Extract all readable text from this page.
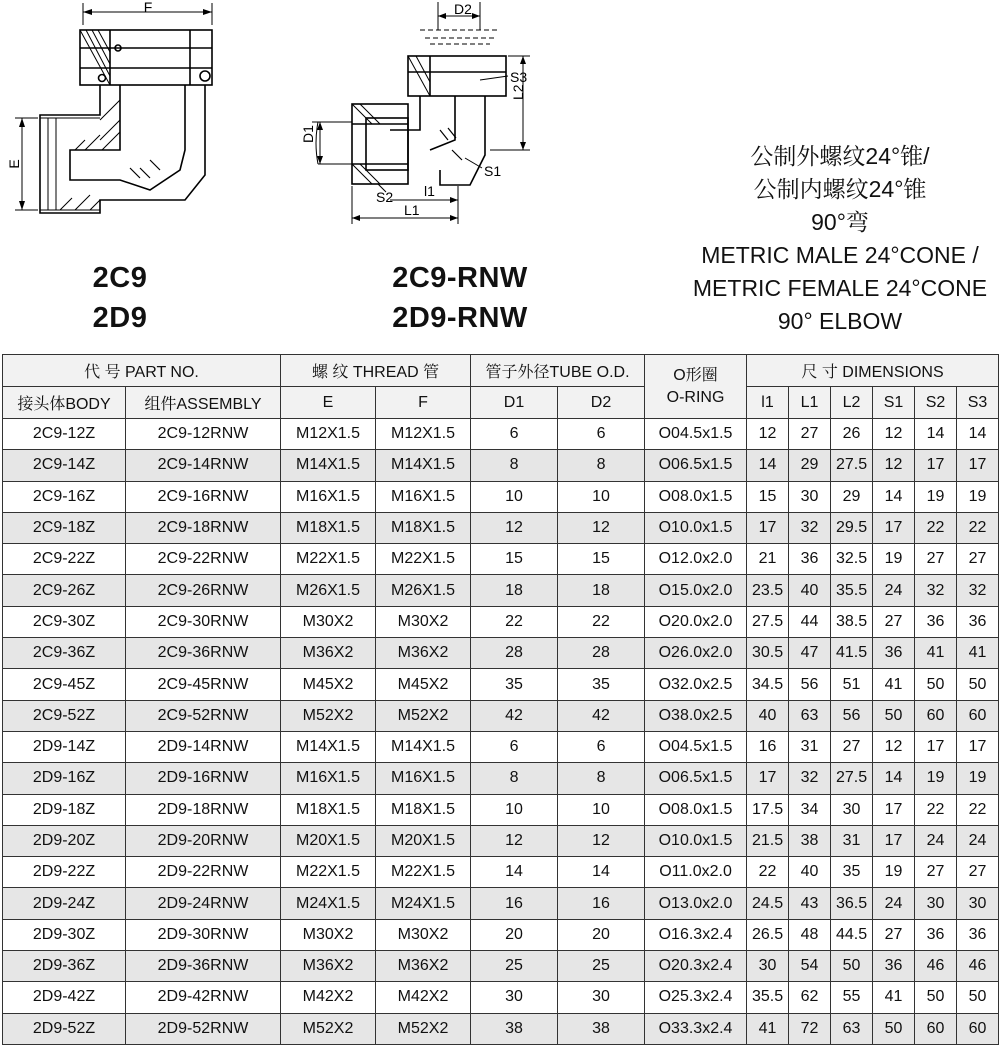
F
E
D2
S3
L2
D1
S1
S2 l1
L1
2C9
2D9
2C9-RNW
2D9-RNW
公制外螺纹24°锥/
公制内螺纹24°锥
90°弯
METRIC MALE 24°CONE /
METRIC FEMALE 24°CONE
90° ELBOW
代 号 PART NO.		螺 纹 THREAD 管		管子外径TUBE O.D.		O形圈
O-RING	尺 寸 DIMENSIONS					
接头体BODY	组件ASSEMBLY	E	F	D1	D2		l1	L1	L2	S1	S2	S3
2C9-12Z	2C9-12RNW	M12X1.5	M12X1.5	6	6	O04.5x1.5	12	27	26	12	14	14
2C9-14Z	2C9-14RNW	M14X1.5	M14X1.5	8	8	O06.5x1.5	14	29	27.5	12	17	17
2C9-16Z	2C9-16RNW	M16X1.5	M16X1.5	10	10	O08.0x1.5	15	30	29	14	19	19
2C9-18Z	2C9-18RNW	M18X1.5	M18X1.5	12	12	O10.0x1.5	17	32	29.5	17	22	22
2C9-22Z	2C9-22RNW	M22X1.5	M22X1.5	15	15	O12.0x2.0	21	36	32.5	19	27	27
2C9-26Z	2C9-26RNW	M26X1.5	M26X1.5	18	18	O15.0x2.0	23.5	40	35.5	24	32	32
2C9-30Z	2C9-30RNW	M30X2	M30X2	22	22	O20.0x2.0	27.5	44	38.5	27	36	36
2C9-36Z	2C9-36RNW	M36X2	M36X2	28	28	O26.0x2.0	30.5	47	41.5	36	41	41
2C9-45Z	2C9-45RNW	M45X2	M45X2	35	35	O32.0x2.5	34.5	56	51	41	50	50
2C9-52Z	2C9-52RNW	M52X2	M52X2	42	42	O38.0x2.5	40	63	56	50	60	60
2D9-14Z	2D9-14RNW	M14X1.5	M14X1.5	6	6	O04.5x1.5	16	31	27	12	17	17
2D9-16Z	2D9-16RNW	M16X1.5	M16X1.5	8	8	O06.5x1.5	17	32	27.5	14	19	19
2D9-18Z	2D9-18RNW	M18X1.5	M18X1.5	10	10	O08.0x1.5	17.5	34	30	17	22	22
2D9-20Z	2D9-20RNW	M20X1.5	M20X1.5	12	12	O10.0x1.5	21.5	38	31	17	24	24
2D9-22Z	2D9-22RNW	M22X1.5	M22X1.5	14	14	O11.0x2.0	22	40	35	19	27	27
2D9-24Z	2D9-24RNW	M24X1.5	M24X1.5	16	16	O13.0x2.0	24.5	43	36.5	24	30	30
2D9-30Z	2D9-30RNW	M30X2	M30X2	20	20	O16.3x2.4	26.5	48	44.5	27	36	36
2D9-36Z	2D9-36RNW	M36X2	M36X2	25	25	O20.3x2.4	30	54	50	36	46	46
2D9-42Z	2D9-42RNW	M42X2	M42X2	30	30	O25.3x2.4	35.5	62	55	41	50	50
2D9-52Z	2D9-52RNW	M52X2	M52X2	38	38	O33.3x2.4	41	72	63	50	60	60
